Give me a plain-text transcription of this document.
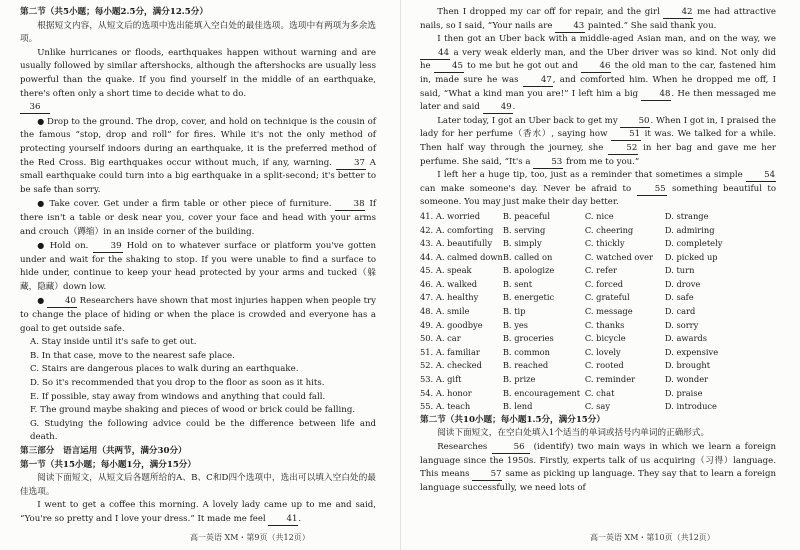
第二节（共5小题；每小题2.5分，满分12.5分）

根据短文内容，从短文后的选项中选出能填入空白处的最佳选项。选项中有两项为多余选项。

Unlike hurricanes or floods, earthquakes happen without warning and are usually followed by similar aftershocks, although the aftershocks are usually less powerful than the quake. If you find yourself in the middle of an earthquake, there's often only a short time to decide what to do.

36

● Drop to the ground. The drop, cover, and hold on technique is the cousin of the famous “stop, drop and roll” for fires. While it's not the only method of protecting yourself indoors during an earthquake, it is the preferred method of the Red Cross. Big earthquakes occur without much, if any, warning.	37 A small earthquake could turn into a big earthquake in a split-second; it's better to be safe than sorry.

● Take cover. Get under a firm table or other piece of furniture.	38 If there isn't a table or desk near you, cover your face and head with your arms and crouch（蹲缩）in an inside corner of the building.

● Hold on.	39 Hold on to whatever surface or platform you've gotten under and wait for the shaking to stop. If you were unable to find a surface to hide under, continue to keep your head protected by your arms and tucked（躲藏，隐藏）down low.

● 40 Researchers have shown that most injuries happen when people try to change the place of hiding or when the place is crowded and everyone has a goal to get outside safe.

A. Stay inside until it's safe to get out.

B. In that case, move to the nearest safe place.

C. Stairs are dangerous places to walk during an earthquake.

D. So it's recommended that you drop to the floor as soon as it hits.

E. If possible, stay away from windows and anything that could fall.

F. The ground maybe shaking and pieces of wood or brick could be falling.

G. Studying the following advice could be the difference between life and death.

第三部分　语言运用（共两节，满分30分）

第一节（共15小题；每小题1分，满分15分）

阅读下面短文，从短文后各题所给的A、B、C和D四个选项中，选出可以填入空白处的最佳选项。

I went to get a coffee this morning. A lovely lady came up to me and said, “You're so pretty and I love your dress.” It made me feel 41.

高一英语 XM・第9页（共12页）

Then I dropped my car off for repair, and the girl	42 me had attractive nails, so I said, “Your nails are 43 painted.” She said thank you.

I then got an Uber back with a middle-aged Asian man, and on the way, we 44 a very weak elderly man, and the Uber driver was so kind. Not only did he 45 to me but he got out and 46 the old man to the car, fastened him in, made sure he was	47, and comforted him. When he dropped me off, I said, “What a kind man you are!” I left him a big 48. He then messaged me later and said 49.

Later today, I got an Uber back to get my 50. When I got in, I praised the lady for her perfume（香水）, saying how	51 it was. We talked for a while. Then half way through the journey, she	52 in her bag and gave me her perfume. She said, “It's a 53 from me to you.”

I left her a huge tip, too, just as a reminder that sometimes a simple 54 can make someone's day. Never be afraid to	55 something beautiful to someone. You may just make their day better.

41. A. worried	B. peaceful	C. nice	D. strange
42. A. comforting	B. serving	C. cheering	D. admiring
43. A. beautifully	B. simply	C. thickly	D. completely
44. A. calmed down	B. called on	C. watched over	D. picked up
45. A. speak	B. apologize	C. refer	D. turn
46. A. walked	B. sent	C. forced	D. drove
47. A. healthy	B. energetic	C. grateful	D. safe
48. A. smile	B. tip	C. message	D. card
49. A. goodbye	B. yes	C. thanks	D. sorry
50. A. car	B. groceries	C. bicycle	D. awards
51. A. familiar	B. common	C. lovely	D. expensive
52. A. checked	B. reached	C. rooted	D. brought
53. A. gift	B. prize	C. reminder	D. wonder
54. A. honor	B. encouragement	C. chat	D. praise
55. A. teach	B. lend	C. say	D. introduce

第二节（共10小题；每小题1.5分，满分15分）

阅读下面短文，在空白处填入1个适当的单词或括号内单词的正确形式。

Researches	56 (identify) two main ways in which we learn a foreign language since the 1950s. Firstly, experts talk of us acquiring（习得）language. This means 57 same as picking up language. They say that to learn a foreign language successfully, we need lots of

高一英语 XM・第10页（共12页）
